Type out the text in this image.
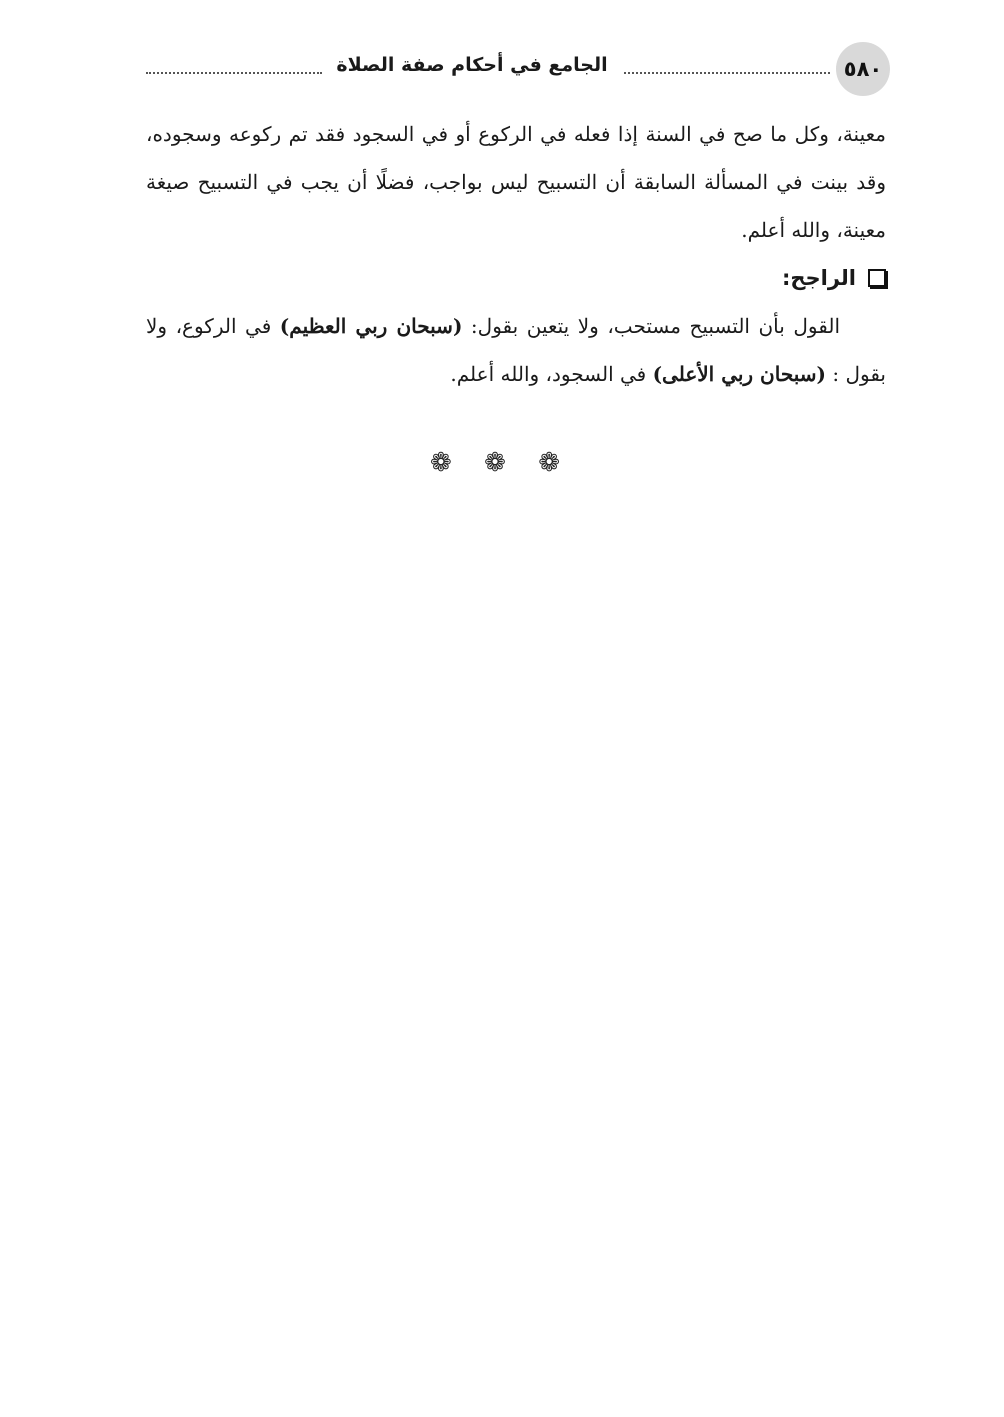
الجامع في أحكام صفة الصلاة	٥٨٠

معينة، وكل ما صح في السنة إذا فعله في الركوع أو في السجود فقد تم ركوعه وسجوده، وقد بينت في المسألة السابقة أن التسبيح ليس بواجب، فضلًا أن يجب في التسبيح صيغة معينة، والله أعلم.

الراجح:

القول بأن التسبيح مستحب، ولا يتعين بقول: (سبحان ربي العظيم) في الركوع، ولا بقول : (سبحان ربي الأعلى) في السجود، والله أعلم.

❁ ❁ ❁
